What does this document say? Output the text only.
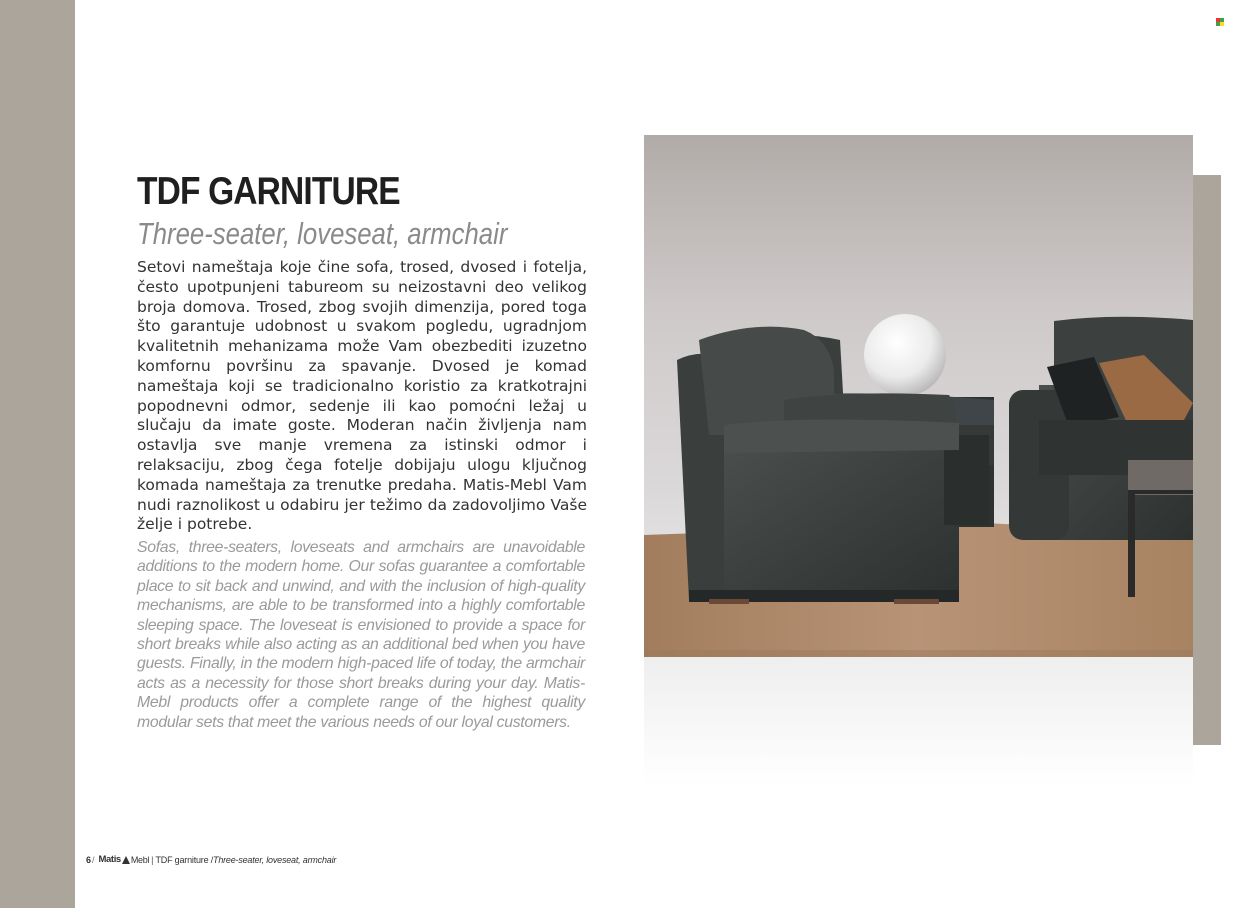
TDF GARNITURE
Three-seater, loveseat, armchair

Setovi nameštaja koje čine sofa, trosed, dvosed i fotelja, često upotpunjeni tabureom su neizostavni deo velikog broja domova. Trosed, zbog svojih dimenzija, pored toga što garantuje udobnost u svakom pogledu, ugradnjom kvalitetnih mehanizama može Vam obezbediti izuzetno komfornu površinu za spavanje. Dvosed je komad nameštaja koji se tradicionalno koristio za kratkotrajni popodnevni odmor, sedenje ili kao pomoćni ležaj u slučaju da imate goste. Moderan način življenja nam ostavlja sve manje vremena za istinski odmor i relaksaciju, zbog čega fotelje dobijaju ulogu ključnog komada nameštaja za trenutke predaha. Matis-Mebl Vam nudi raznolikost u odabiru jer težimo da zadovoljimo Vaše želje i potrebe.

Sofas, three-seaters, loveseats and armchairs are unavoidable additions to the modern home. Our sofas guarantee a comfortable place to sit back and unwind, and with the inclusion of high-quality mechanisms, are able to be transformed into a highly comfortable sleeping space. The loveseat is envisioned to provide a space for short breaks while also acting as an additional bed when you have guests. Finally, in the modern high-paced life of today, the armchair acts as a necessity for those short breaks during your day. Matis-Mebl products offer a complete range of the highest quality modular sets that meet the various needs of our loyal customers.

6/ Matis Mebl | TDF garniture /Three-seater, loveseat, armchair
